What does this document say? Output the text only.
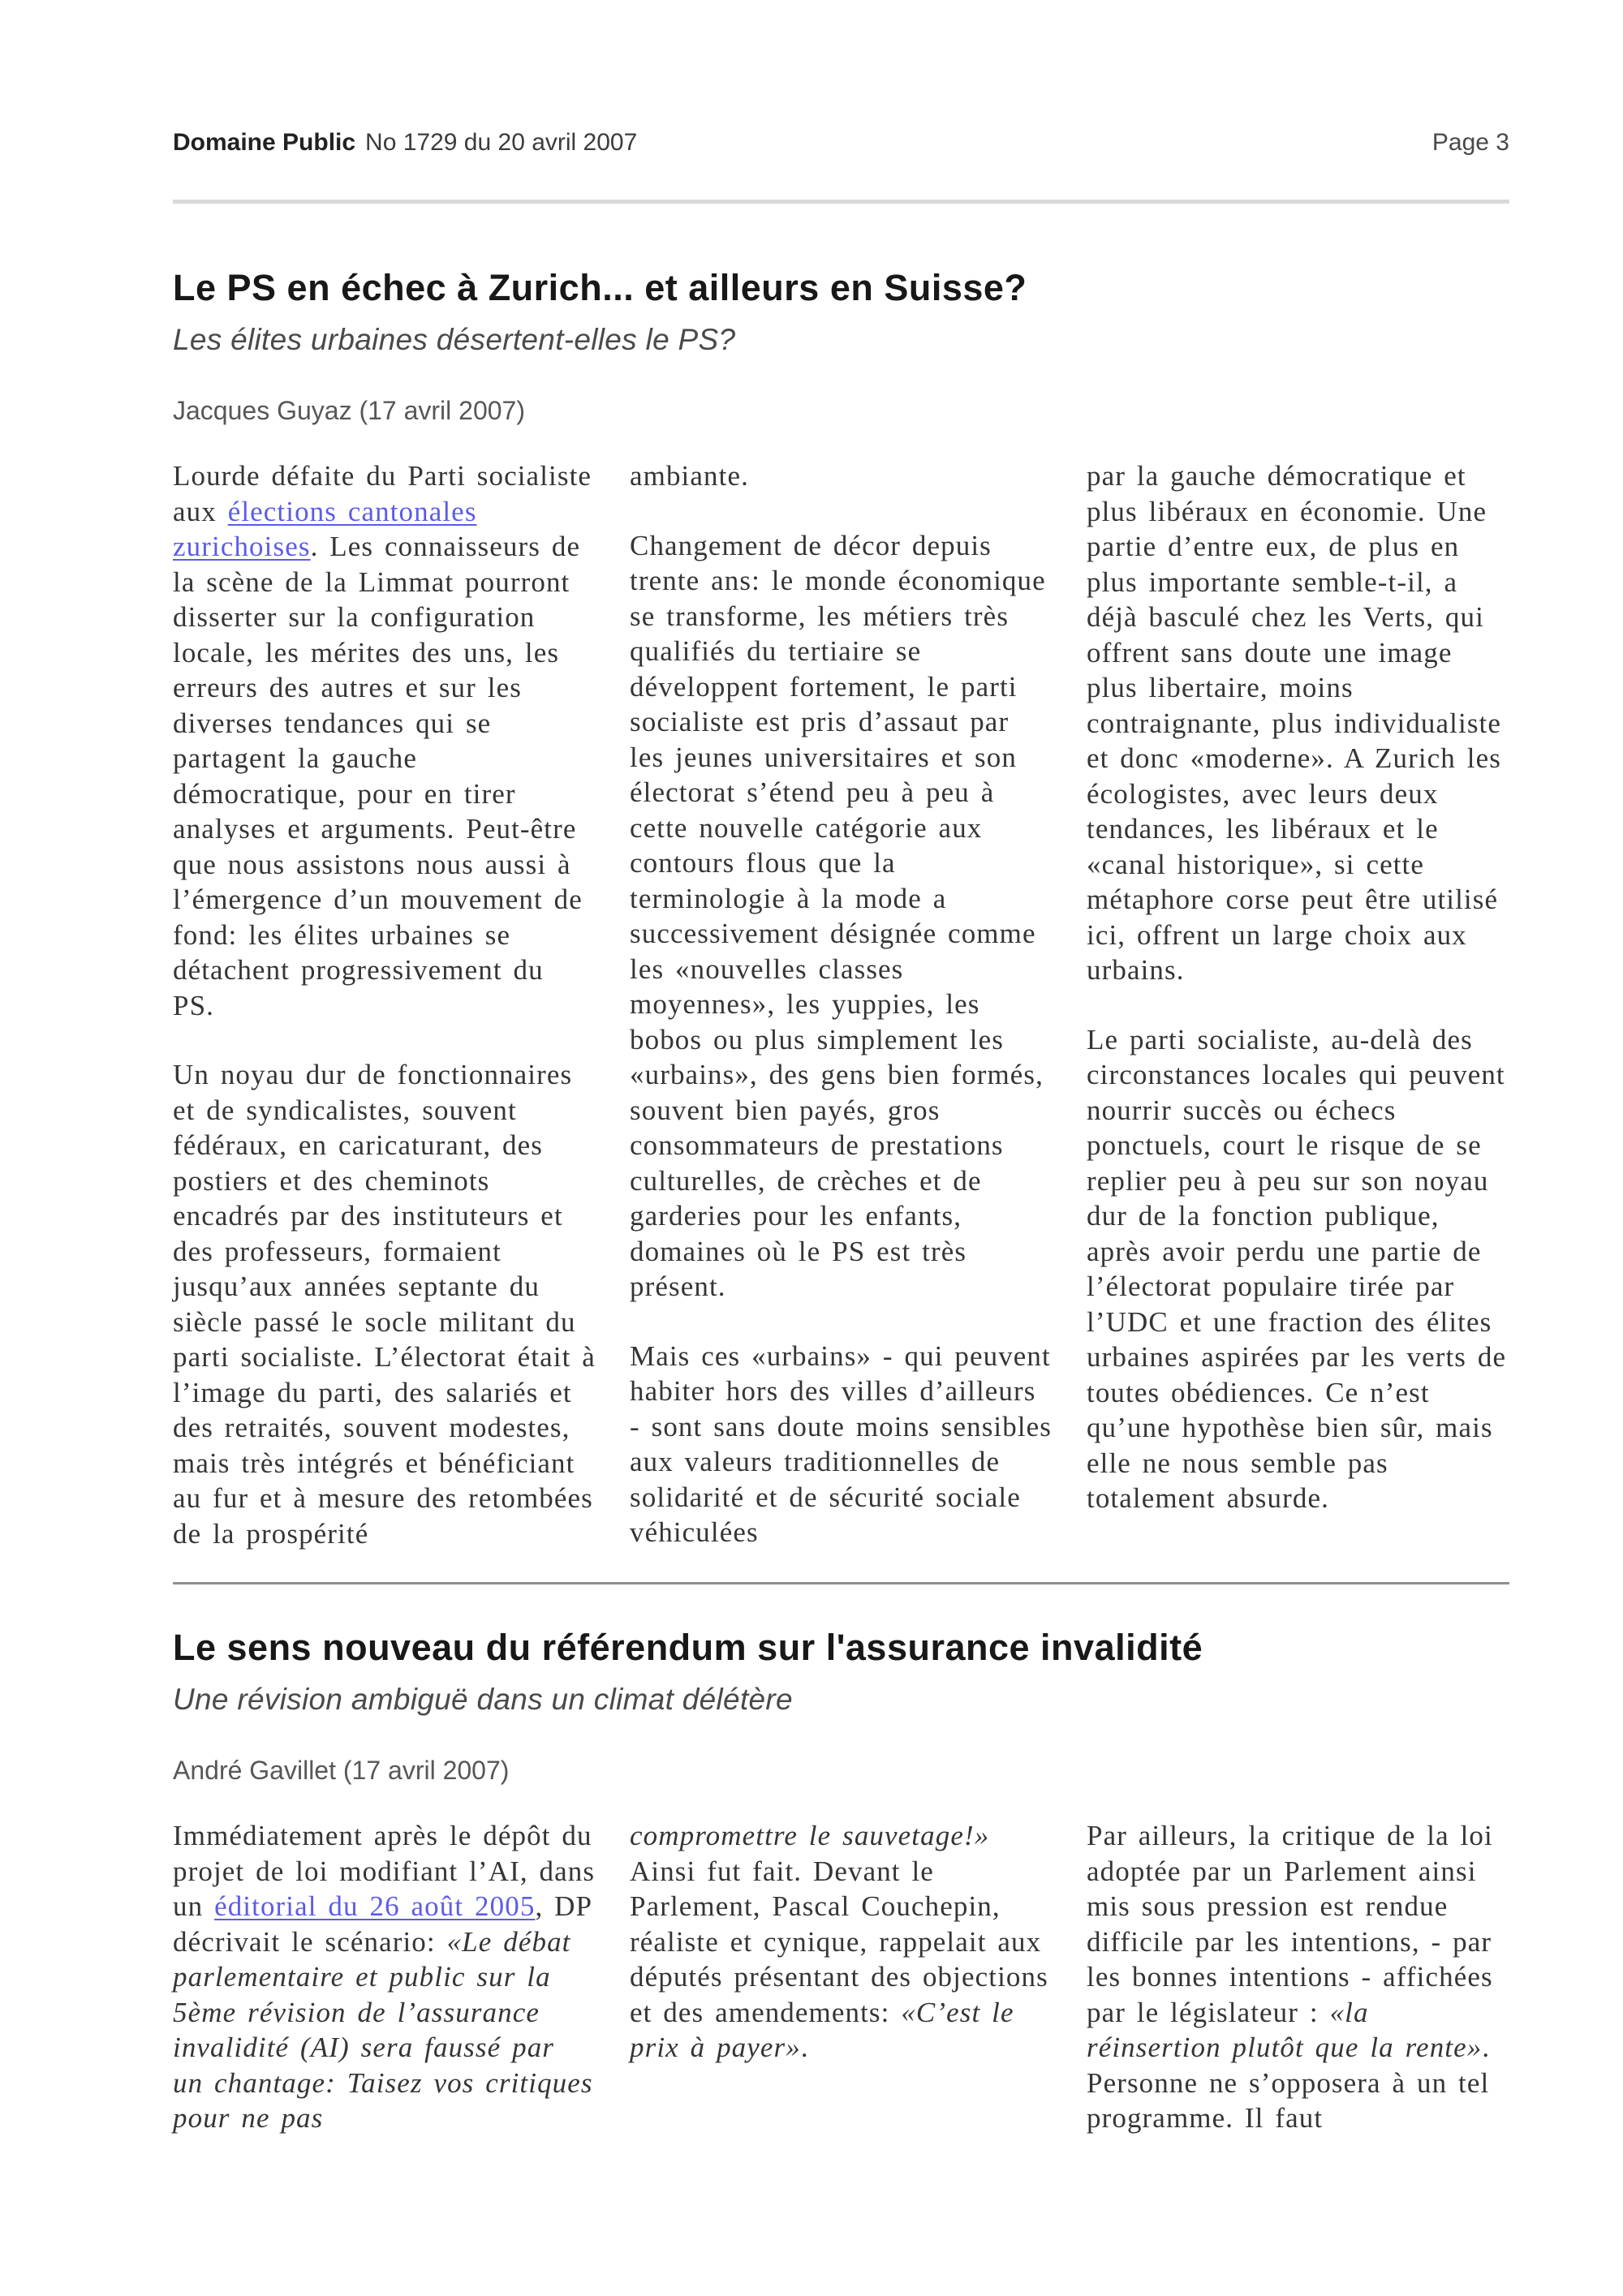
Domaine Public No 1729 du 20 avril 2007	Page 3
Le PS en échec à Zurich... et ailleurs en Suisse?
Les élites urbaines désertent-elles le PS?
Jacques Guyaz (17 avril 2007)

Lourde défaite du Parti socialiste aux élections cantonales zurichoises. Les connaisseurs de la scène de la Limmat pourront disserter sur la configuration locale, les mérites des uns, les erreurs des autres et sur les diverses tendances qui se partagent la gauche démocratique, pour en tirer analyses et arguments. Peut-être que nous assistons nous aussi à l’émergence d’un mouvement de fond: les élites urbaines se détachent progressivement du PS.

Un noyau dur de fonctionnaires et de syndicalistes, souvent fédéraux, en caricaturant, des postiers et des cheminots encadrés par des instituteurs et des professeurs, formaient jusqu’aux années septante du siècle passé le socle militant du parti socialiste. L’électorat était à l’image du parti, des salariés et des retraités, souvent modestes, mais très intégrés et bénéficiant au fur et à mesure des retombées de la prospérité

ambiante.

Changement de décor depuis trente ans: le monde économique se transforme, les métiers très qualifiés du tertiaire se développent fortement, le parti socialiste est pris d’assaut par les jeunes universitaires et son électorat s’étend peu à peu à cette nouvelle catégorie aux contours flous que la terminologie à la mode a successivement désignée comme les «nouvelles classes moyennes», les yuppies, les bobos ou plus simplement les «urbains», des gens bien formés, souvent bien payés, gros consommateurs de prestations culturelles, de crèches et de garderies pour les enfants, domaines où le PS est très présent.

Mais ces «urbains» - qui peuvent habiter hors des villes d’ailleurs - sont sans doute moins sensibles aux valeurs traditionnelles de solidarité et de sécurité sociale véhiculées

par la gauche démocratique et plus libéraux en économie. Une partie d’entre eux, de plus en plus importante semble-t-il, a déjà basculé chez les Verts, qui offrent sans doute une image plus libertaire, moins contraignante, plus individualiste et donc «moderne». A Zurich les écologistes, avec leurs deux tendances, les libéraux et le «canal historique», si cette métaphore corse peut être utilisé ici, offrent un large choix aux urbains.

Le parti socialiste, au-delà des circonstances locales qui peuvent nourrir succès ou échecs ponctuels, court le risque de se replier peu à peu sur son noyau dur de la fonction publique, après avoir perdu une partie de l’électorat populaire tirée par l’UDC et une fraction des élites urbaines aspirées par les verts de toutes obédiences. Ce n’est qu’une hypothèse bien sûr, mais elle ne nous semble pas totalement absurde.

Le sens nouveau du référendum sur l'assurance invalidité
Une révision ambiguë dans un climat délétère
André Gavillet (17 avril 2007)

Immédiatement après le dépôt du projet de loi modifiant l’AI, dans un éditorial du 26 août 2005, DP décrivait le scénario: «Le débat parlementaire et public sur la 5ème révision de l’assurance invalidité (AI) sera faussé par un chantage: Taisez vos critiques pour ne pas

compromettre le sauvetage!» Ainsi fut fait. Devant le Parlement, Pascal Couchepin, réaliste et cynique, rappelait aux députés présentant des objections et des amendements: «C’est le prix à payer».

Par ailleurs, la critique de la loi adoptée par un Parlement ainsi mis sous pression est rendue difficile par les intentions, - par les bonnes intentions - affichées par le législateur : «la réinsertion plutôt que la rente». Personne ne s’opposera à un tel programme. Il faut
